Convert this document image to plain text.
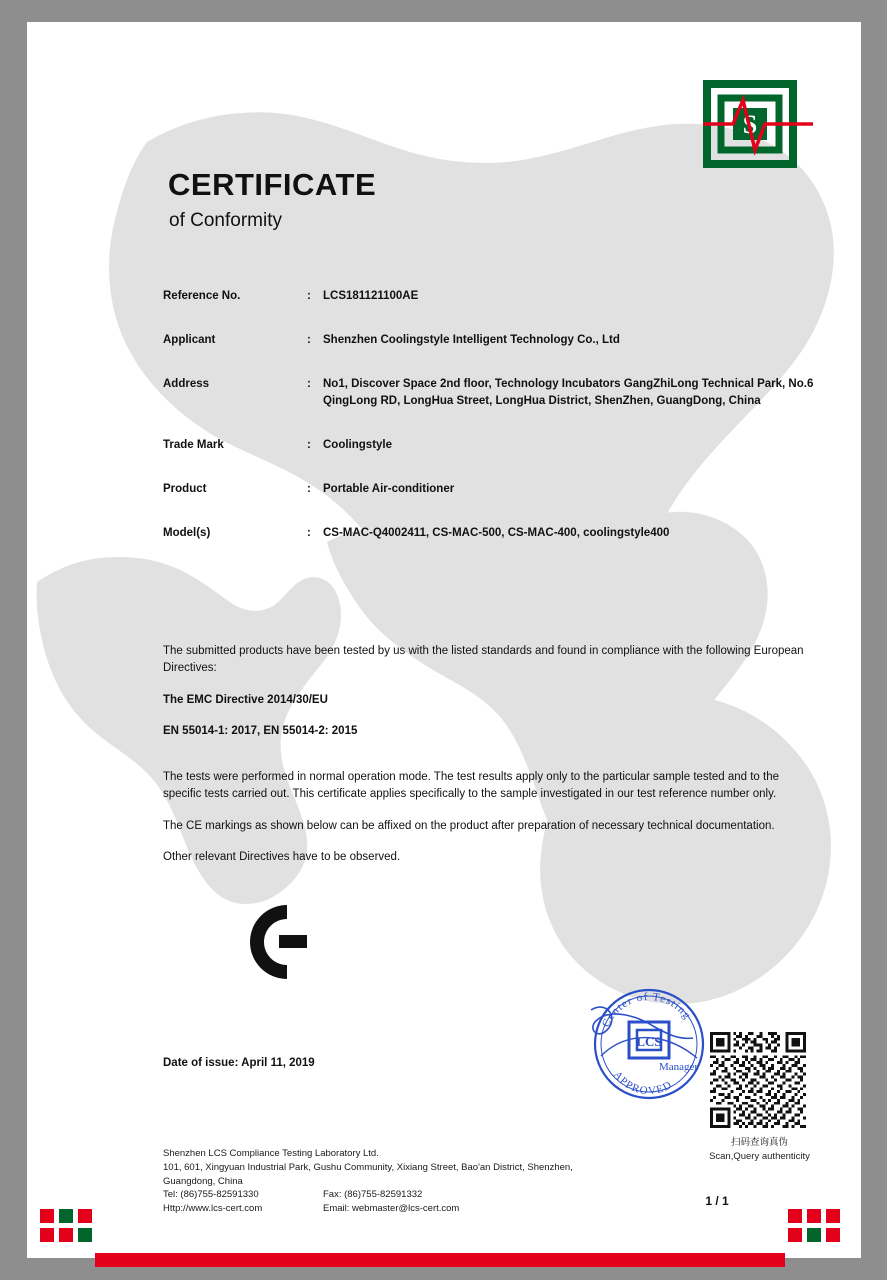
S
CERTIFICATE
of Conformity
Reference No.	:	LCS181121100AE
Applicant	:	Shenzhen Coolingstyle Intelligent Technology Co., Ltd
Address	:	No1, Discover Space 2nd floor, Technology Incubators GangZhiLong Technical Park, No.6 QingLong RD, LongHua Street, LongHua District, ShenZhen, GuangDong, China
Trade Mark	:	Coolingstyle
Product	:	Portable Air-conditioner
Model(s)	:	CS-MAC-Q4002411, CS-MAC-500, CS-MAC-400, coolingstyle400
The submitted products have been tested by us with the listed standards and found in compliance with the following European Directives:
The EMC Directive 2014/30/EU
EN 55014-1: 2017, EN 55014-2: 2015
The tests were performed in normal operation mode. The test results apply only to the particular sample tested and to the specific tests carried out. This certificate applies specifically to the sample investigated in our test reference number only.
The CE markings as shown below can be affixed on the product after preparation of necessary technical documentation.
Other relevant Directives have to be observed.
Date of issue: April 11, 2019
LCS
Center of Testing
APPROVED
Manager
扫码查询真伪
Scan,Query authenticity
Shenzhen LCS Compliance Testing Laboratory Ltd.
101, 601, Xingyuan Industrial Park, Gushu Community, Xixiang Street, Bao'an District, Shenzhen,
Guangdong, China
Tel: (86)755-82591330	Fax: (86)755-82591332
Http://www.lcs-cert.com	Email: webmaster@lcs-cert.com
1 / 1
